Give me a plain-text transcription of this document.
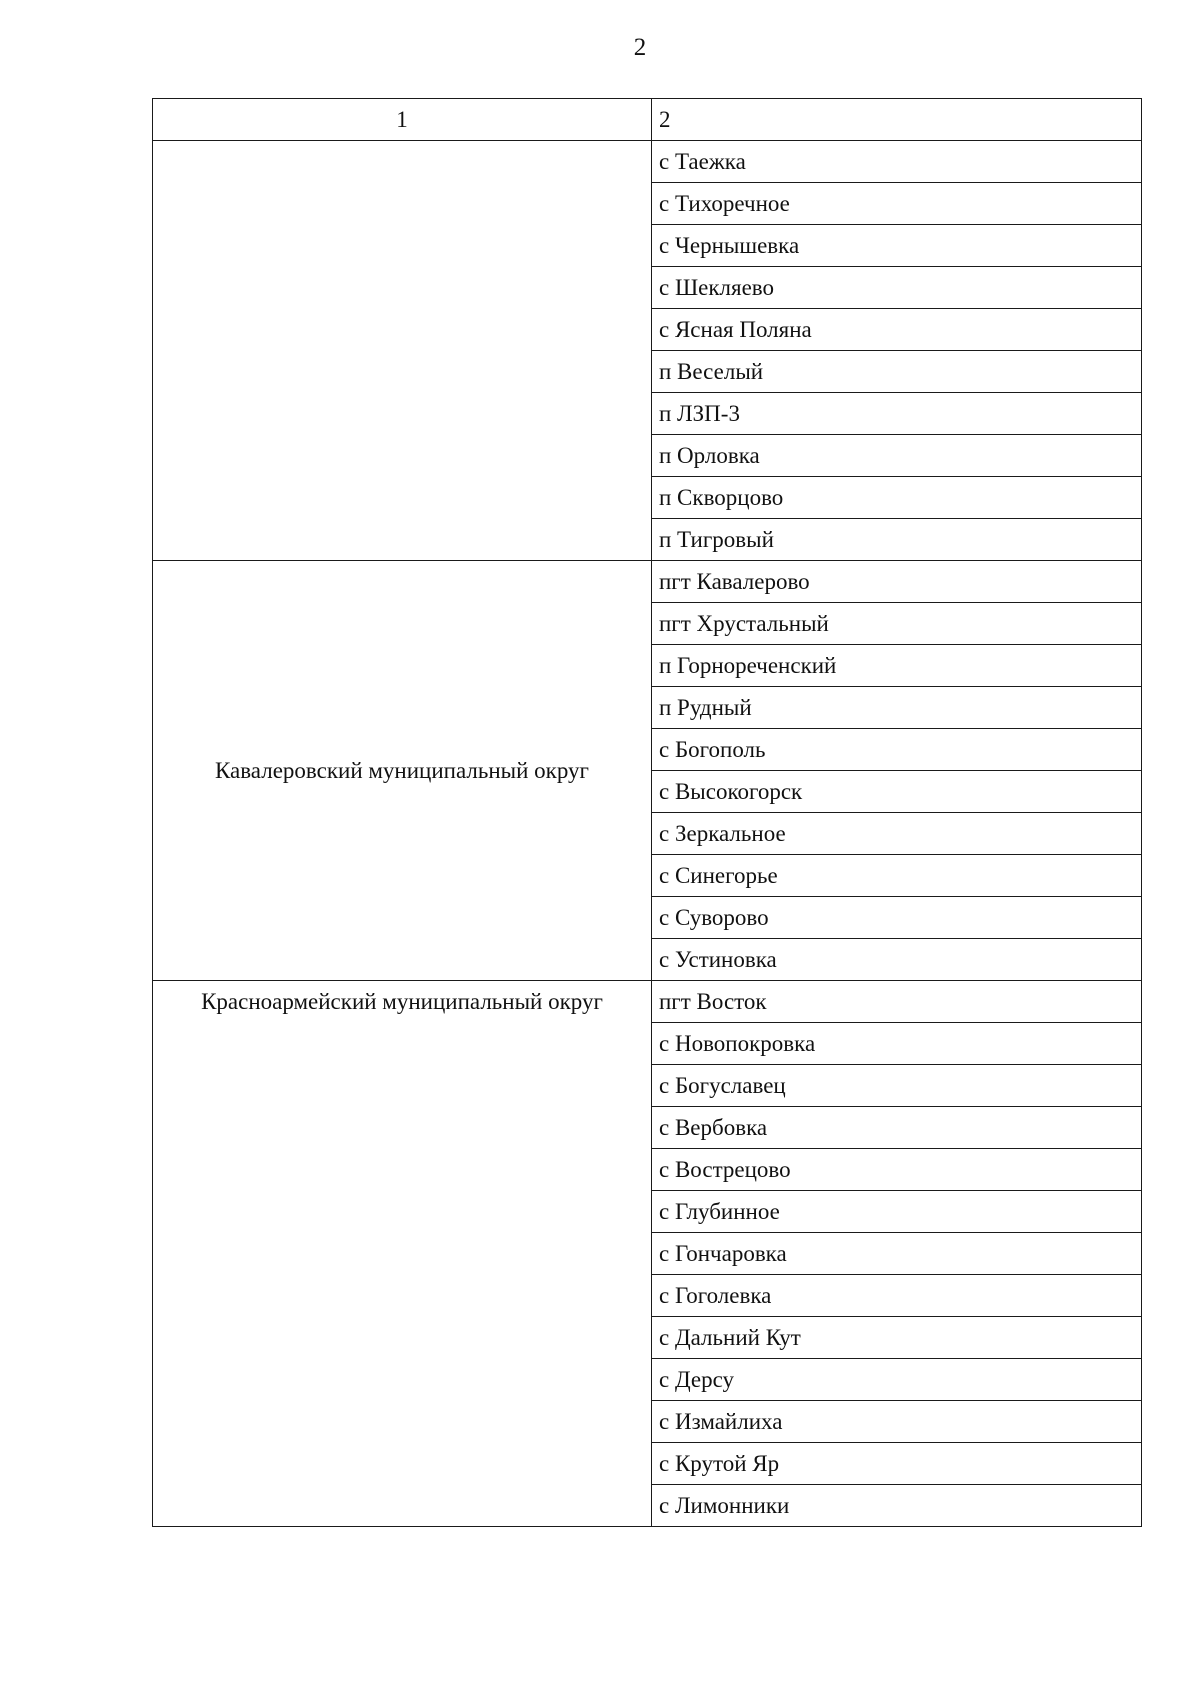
2
1	2
	с Таежка
	с Тихоречное
	с Чернышевка
	с Шекляево
	с Ясная Поляна
	п Веселый
	п ЛЗП-3
	п Орловка
	п Скворцово
	п Тигровый
Кавалеровский муниципальный округ	пгт Кавалерово
	пгт Хрустальный
	п Горнореченский
	п Рудный
	с Богополь
	с Высокогорск
	с Зеркальное
	с Синегорье
	с Суворово
	с Устиновка
Красноармейский муниципальный округ	пгт Восток
	с Новопокровка
	с Богуславец
	с Вербовка
	с Вострецово
	с Глубинное
	с Гончаровка
	с Гоголевка
	с Дальний Кут
	с Дерсу
	с Измайлиха
	с Крутой Яр
	с Лимонники
